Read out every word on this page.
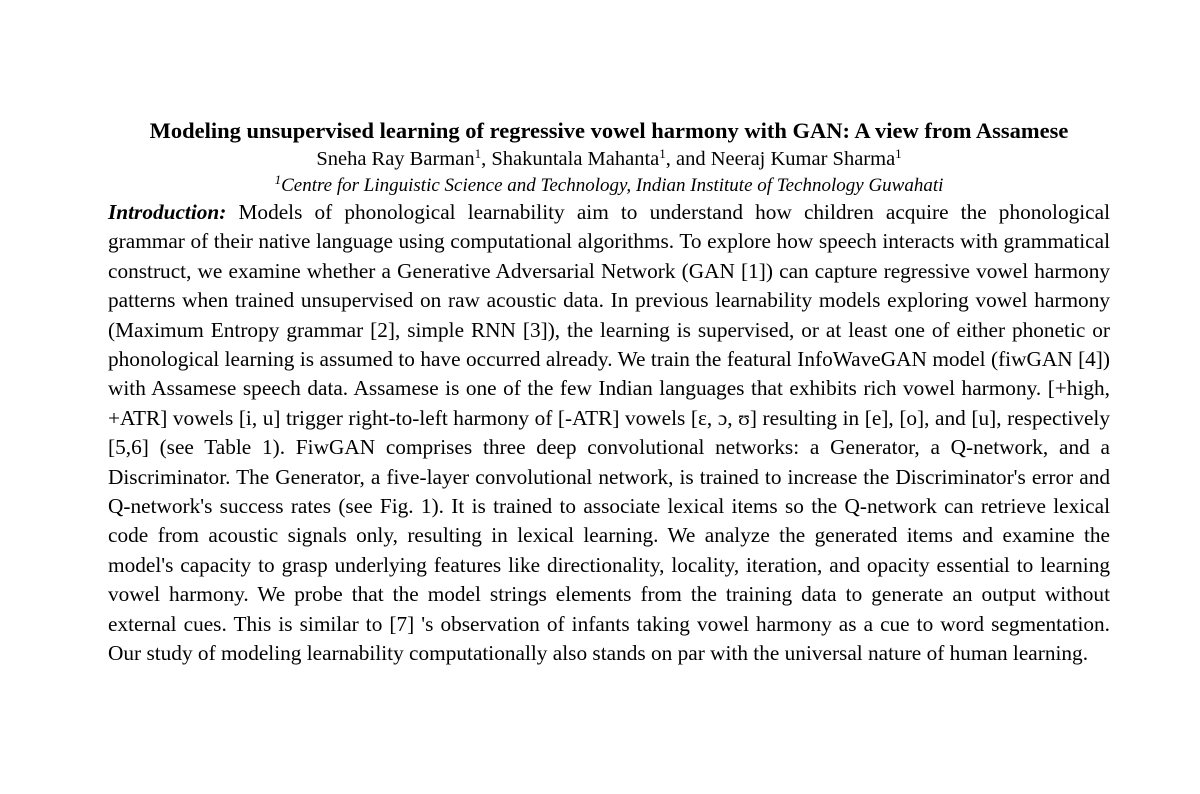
Modeling unsupervised learning of regressive vowel harmony with GAN: A view from Assamese

Sneha Ray Barman$^1$, Shakuntala Mahanta$^1$, and Neeraj Kumar Sharma$^1$

$^1$Centre for Linguistic Science and Technology, Indian Institute of Technology Guwahati

Introduction: Models of phonological learnability aim to understand how children acquire the phonological grammar of their native language using computational algorithms. To explore how speech interacts with grammatical construct, we examine whether a Generative Adversarial Network (GAN [1]) can capture regressive vowel harmony patterns when trained unsupervised on raw acoustic data. In previous learnability models exploring vowel harmony (Maximum Entropy grammar [2], simple RNN [3]), the learning is supervised, or at least one of either phonetic or phonological learning is assumed to have occurred already. We train the featural InfoWaveGAN model (fiwGAN [4]) with Assamese speech data. Assamese is one of the few Indian languages that exhibits rich vowel harmony. [+high, +ATR] vowels [i, u] trigger right-to-left harmony of [-ATR] vowels [ɛ, ɔ, ʊ] resulting in [e], [o], and [u], respectively [5,6] (see Table 1). FiwGAN comprises three deep convolutional networks: a Generator, a Q-network, and a Discriminator. The Generator, a five-layer convolutional network, is trained to increase the Discriminator's error and Q-network's success rates (see Fig. 1). It is trained to associate lexical items so the Q-network can retrieve lexical code from acoustic signals only, resulting in lexical learning. We analyze the generated items and examine the model's capacity to grasp underlying features like directionality, locality, iteration, and opacity essential to learning vowel harmony. We probe that the model strings elements from the training data to generate an output without external cues. This is similar to [7] 's observation of infants taking vowel harmony as a cue to word segmentation. Our study of modeling learnability computationally also stands on par with the universal nature of human learning.
